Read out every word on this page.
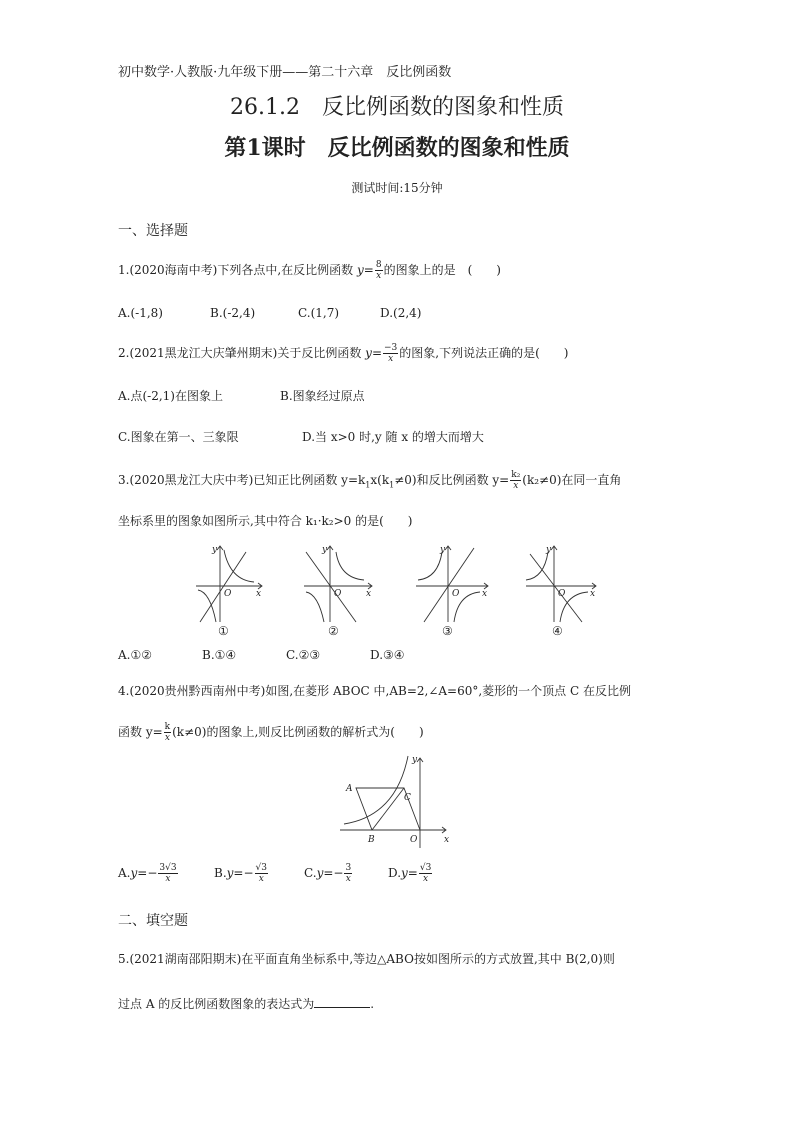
初中数学·人教版·九年级下册——第二十六章　反比例函数
26.1.2　反比例函数的图象和性质
第1课时　反比例函数的图象和性质
测试时间:15分钟
一、选择题
1.(2020海南中考)下列各点中,在反比例函数 $y= \frac{8}{x}$ 的图象上的是　(　　)
A.(-1,8)	B.(-2,4)	C.(1,7)	D.(2,4)
2.(2021黑龙江大庆肇州期末)关于反比例函数 $y= \frac{-3}{x}$ 的图象,下列说法正确的是(　　)
A.点(-2,1)在图象上	B.图象经过原点
C.图象在第一、三象限	D.当 x>0 时,y 随 x 的增大而增大
3.(2020黑龙江大庆中考)已知正比例函数 $y=k_1x(k_1\ne 0)$和反比例函数 $y= \frac{\text{k₂}}{x} (k_2\ne 0)$在同一直角
坐标系里的图象如图所示,其中符合 k₁·k₂>0 的是(　　)
O	x
y
O	x
y
O	x
y
O	x
y
①	②	③	④
A.①②	B.①④	C.②③	D.③④
4.(2020贵州黔西南州中考)如图,在菱形 ABOC 中,AB=2,∠A=60°,菱形的一个顶点 C 在反比例
函数 $y= \frac{k}{x} (k\ne 0)$的图象上,则反比例函数的解析式为(　　)
A
B
C
O	x
y
$A.y=- \frac{3√3}{x}$	$B.y=- \frac{√3}{x}$	$C.y=- \frac{3}{x}$	$D.y= \frac{√3}{x}$
二、填空题
5.(2021湖南邵阳期末)在平面直角坐标系中,等边△ABO按如图所示的方式放置,其中 B(2,0)则
过点 A 的反比例函数图象的表达式为	.
